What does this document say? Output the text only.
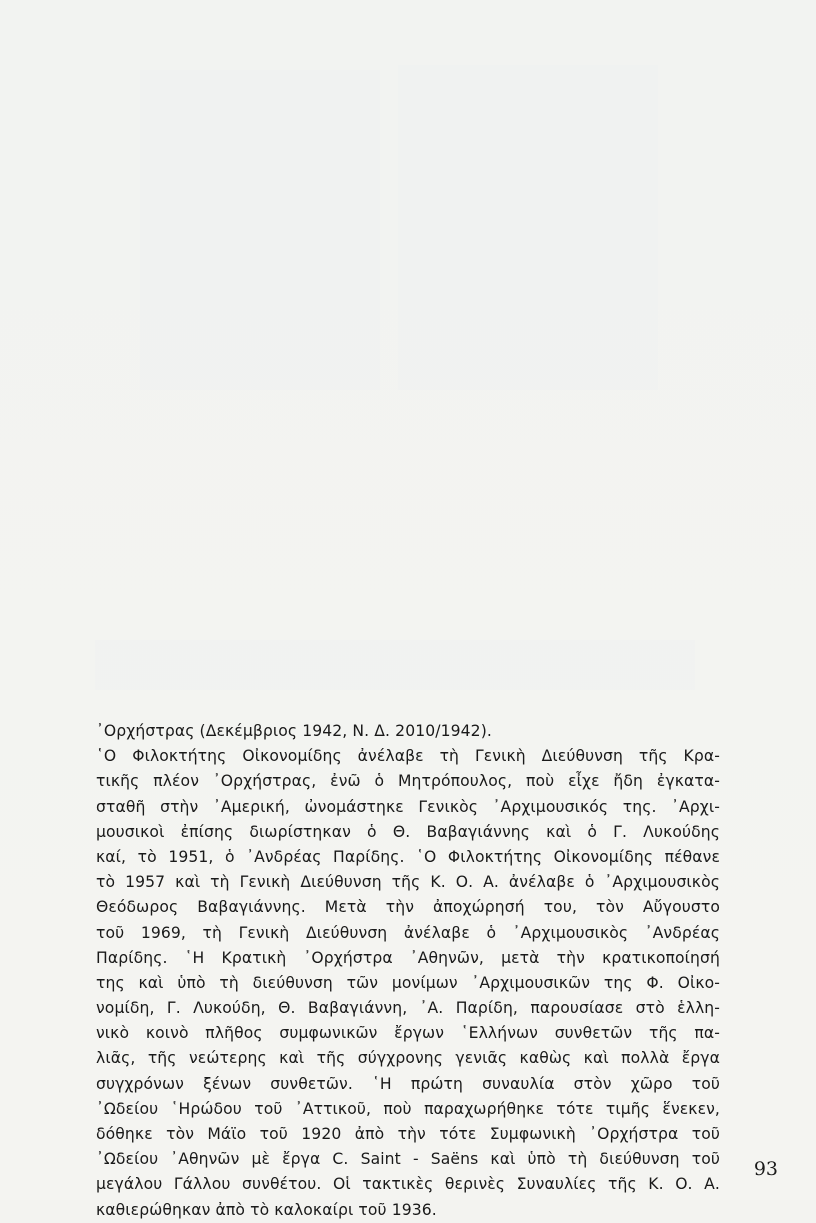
᾿Ορχήστρας (Δεκέμβριος 1942, Ν. Δ. 2010/1942).
῾Ο Φιλοκτήτης Οἰκονομίδης ἀνέλαβε τὴ Γενικὴ Διεύθυνση τῆς Κρα-
τικῆς πλέον ᾿Ορχήστρας, ἐνῶ ὁ Μητρόπουλος, ποὺ εἶχε ἤδη ἐγκατα-
σταθῆ στὴν ᾿Αμερική, ὠνομάστηκε Γενικὸς ᾿Αρχιμουσικός της. ᾿Αρχι-
μουσικοὶ ἐπίσης διωρίστηκαν ὁ Θ. Βαβαγιάννης καὶ ὁ Γ. Λυκούδης
καί, τὸ 1951, ὁ ᾿Ανδρέας Παρίδης. ῾Ο Φιλοκτήτης Οἰκονομίδης πέθανε
τὸ 1957 καὶ τὴ Γενικὴ Διεύθυνση τῆς Κ. Ο. Α. ἀνέλαβε ὁ ᾿Αρχιμουσικὸς
Θεόδωρος Βαβαγιάννης. Μετὰ τὴν ἀποχώρησή του, τὸν Αὔγουστο
τοῦ 1969, τὴ Γενικὴ Διεύθυνση ἀνέλαβε ὁ ᾿Αρχιμουσικὸς ᾿Ανδρέας
Παρίδης. ῾Η Κρατικὴ ᾿Ορχήστρα ᾿Αθηνῶν, μετὰ τὴν κρατικοποίησή
της καὶ ὑπὸ τὴ διεύθυνση τῶν μονίμων ᾿Αρχιμουσικῶν της Φ. Οἰκο-
νομίδη, Γ. Λυκούδη, Θ. Βαβαγιάννη, ᾿Α. Παρίδη, παρουσίασε στὸ ἑλλη-
νικὸ κοινὸ πλῆθος συμφωνικῶν ἔργων ῾Ελλήνων συνθετῶν τῆς πα-
λιᾶς, τῆς νεώτερης καὶ τῆς σύγχρονης γενιᾶς καθὼς καὶ πολλὰ ἔργα
συγχρόνων ξένων συνθετῶν. ῾Η πρώτη συναυλία στὸν χῶρο τοῦ
᾿Ωδείου ῾Ηρώδου τοῦ ᾿Αττικοῦ, ποὺ παραχωρήθηκε τότε τιμῆς ἕνεκεν,
δόθηκε τὸν Μάϊο τοῦ 1920 ἀπὸ τὴν τότε Συμφωνικὴ ᾿Ορχήστρα τοῦ
᾿Ωδείου ᾿Αθηνῶν μὲ ἔργα C. Saint - Saëns καὶ ὑπὸ τὴ διεύθυνση τοῦ
μεγάλου Γάλλου συνθέτου. Οἱ τακτικὲς θερινὲς Συναυλίες τῆς Κ. Ο. Α.
καθιερώθηκαν ἀπὸ τὸ καλοκαίρι τοῦ 1936.
93
